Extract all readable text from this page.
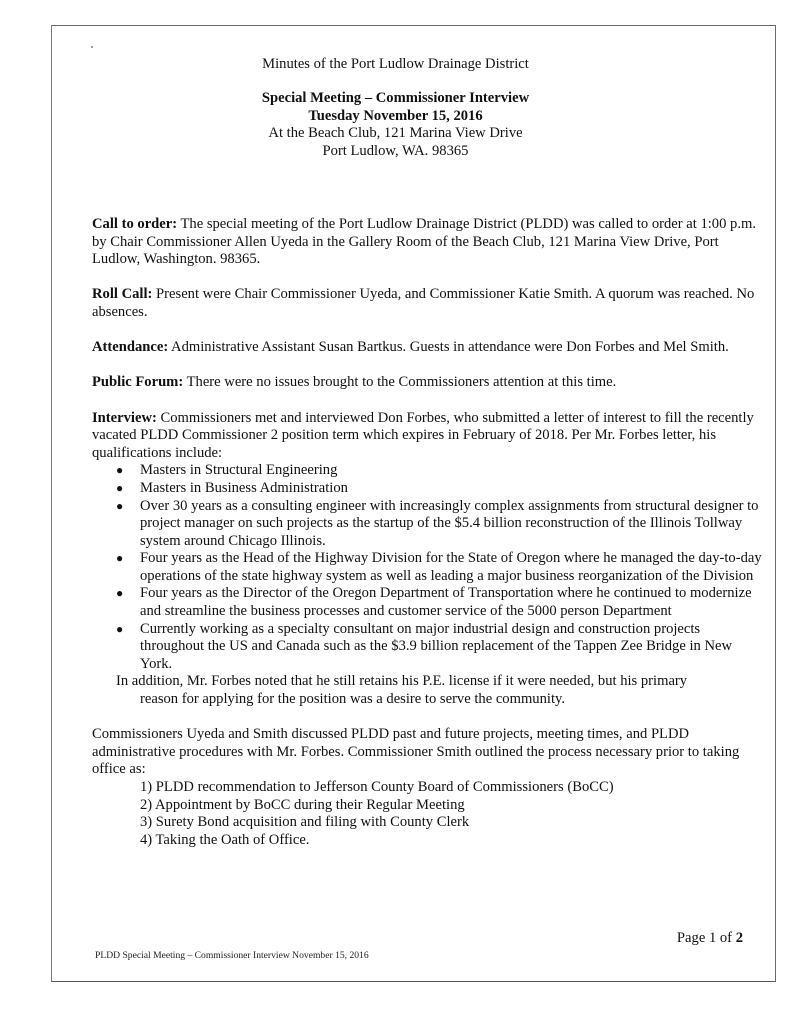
Minutes of the Port Ludlow Drainage District
Special Meeting – Commissioner Interview
Tuesday November 15, 2016
At the Beach Club, 121 Marina View Drive
Port Ludlow, WA. 98365

Call to order: The special meeting of the Port Ludlow Drainage District (PLDD) was called to order at 1:00 p.m. by Chair Commissioner Allen Uyeda in the Gallery Room of the Beach Club, 121 Marina View Drive, Port Ludlow, Washington. 98365.

Roll Call: Present were Chair Commissioner Uyeda, and Commissioner Katie Smith. A quorum was reached. No absences.

Attendance: Administrative Assistant Susan Bartkus. Guests in attendance were Don Forbes and Mel Smith.

Public Forum: There were no issues brought to the Commissioners attention at this time.

Interview: Commissioners met and interviewed Don Forbes, who submitted a letter of interest to fill the recently vacated PLDD Commissioner 2 position term which expires in February of 2018. Per Mr. Forbes letter, his qualifications include:
● Masters in Structural Engineering
● Masters in Business Administration
● Over 30 years as a consulting engineer with increasingly complex assignments from structural designer to project manager on such projects as the startup of the $5.4 billion reconstruction of the Illinois Tollway system around Chicago Illinois.
● Four years as the Head of the Highway Division for the State of Oregon where he managed the day-to-day operations of the state highway system as well as leading a major business reorganization of the Division
● Four years as the Director of the Oregon Department of Transportation where he continued to modernize and streamline the business processes and customer service of the 5000 person Department
● Currently working as a specialty consultant on major industrial design and construction projects throughout the US and Canada such as the $3.9 billion replacement of the Tappen Zee Bridge in New York.

In addition, Mr. Forbes noted that he still retains his P.E. license if it were needed, but his primary
reason for applying for the position was a desire to serve the community.

Commissioners Uyeda and Smith discussed PLDD past and future projects, meeting times, and PLDD administrative procedures with Mr. Forbes. Commissioner Smith outlined the process necessary prior to taking office as:
1) PLDD recommendation to Jefferson County Board of Commissioners (BoCC)
2) Appointment by BoCC during their Regular Meeting
3) Surety Bond acquisition and filing with County Clerk
4) Taking the Oath of Office.
Page 1 of 2
PLDD Special Meeting – Commissioner Interview November 15, 2016
